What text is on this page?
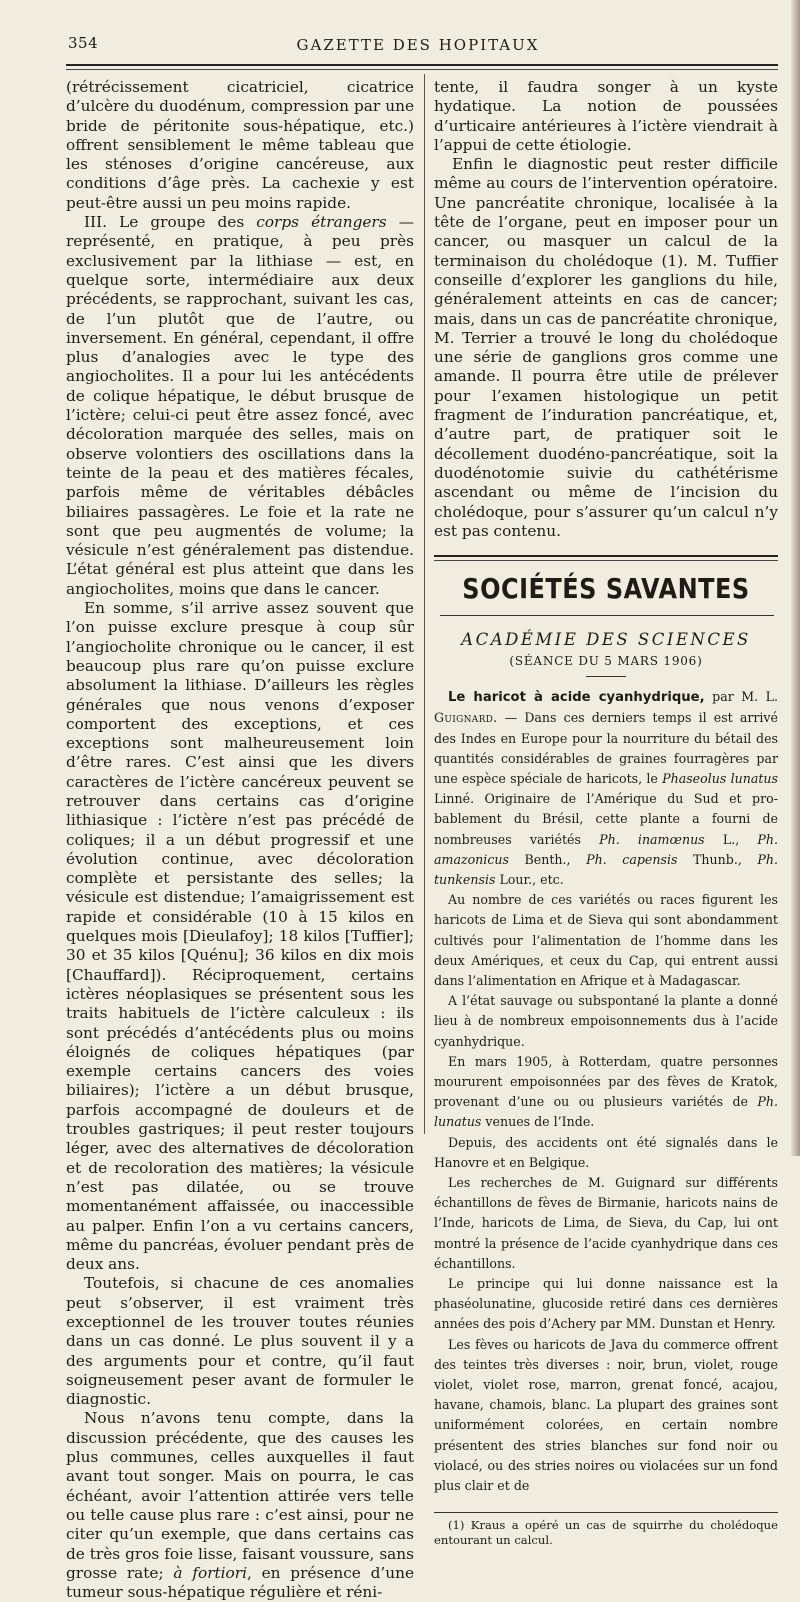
354	GAZETTE DES HOPITAUX

(rétrécissement cicatriciel, cicatrice d’ulcère du duodénum, compression par une bride de péritonite sous-hépatique, etc.) offrent sensiblement le même tableau que les sténoses d’origine cancéreuse, aux conditions d’âge près. La cachexie y est peut-être aussi un peu moins rapide.

III. Le groupe des corps étrangers — représenté, en pratique, à peu près exclusivement par la lithiase — est, en quelque sorte, intermédiaire aux deux précédents, se rapprochant, suivant les cas, de l’un plutôt que de l’autre, ou inversement. En général, cependant, il offre plus d’analogies avec le type des angiocholites. Il a pour lui les antécédents de colique hépatique, le début brusque de l’ictère; celui-ci peut être assez foncé, avec décoloration marquée des selles, mais on observe volontiers des oscillations dans la teinte de la peau et des matières fécales, parfois même de véritables débâcles biliaires passagères. Le foie et la rate ne sont que peu augmentés de volume; la vésicule n’est généralement pas distendue. L’état général est plus atteint que dans les angiocholites, moins que dans le cancer.

En somme, s’il arrive assez souvent que l’on puisse exclure presque à coup sûr l’angiocholite chronique ou le cancer, il est beaucoup plus rare qu’on puisse exclure absolument la lithiase. D’ailleurs les règles générales que nous venons d’exposer comportent des exceptions, et ces exceptions sont malheureusement loin d’être rares. C’est ainsi que les divers caractères de l’ictère cancéreux peuvent se retrouver dans certains cas d’origine lithiasique : l’ictère n’est pas précédé de coliques; il a un début progressif et une évolution continue, avec décoloration complète et persistante des selles; la vésicule est distendue; l’amaigrissement est rapide et considérable (10 à 15 kilos en quelques mois [Dieulafoy]; 18 kilos [Tuffier]; 30 et 35 kilos [Quénu]; 36 kilos en dix mois [Chauffard]). Réciproquement, certains ictères néoplasiques se présentent sous les traits habituels de l’ictère calculeux : ils sont précédés d’antécédents plus ou moins éloignés de coliques hépatiques (par exemple certains cancers des voies biliaires); l’ictère a un début brusque, parfois accompagné de douleurs et de troubles gastriques; il peut rester toujours léger, avec des alternatives de décoloration et de recoloration des matières; la vésicule n’est pas dilatée, ou se trouve momentanément affaissée, ou inaccessible au palper. Enfin l’on a vu certains cancers, même du pancréas, évoluer pendant près de deux ans.

Toutefois, si chacune de ces anomalies peut s’observer, il est vraiment très exceptionnel de les trouver toutes réunies dans un cas donné. Le plus souvent il y a des arguments pour et contre, qu’il faut soigneusement peser avant de formuler le diagnostic.

Nous n’avons tenu compte, dans la discussion précédente, que des causes les plus communes, celles auxquelles il faut avant tout songer. Mais on pourra, le cas échéant, avoir l’attention attirée vers telle ou telle cause plus rare : c’est ainsi, pour ne citer qu’un exemple, que dans certains cas de très gros foie lisse, faisant voussure, sans grosse rate; à fortiori, en présence d’une tumeur sous-hépatique régulière et réni-

tente, il faudra songer à un kyste hydatique. La notion de poussées d’urticaire antérieures à l’ictère viendrait à l’appui de cette étiologie.

Enfin le diagnostic peut rester difficile même au cours de l’intervention opératoire. Une pancréatite chronique, localisée à la tête de l’organe, peut en imposer pour un cancer, ou masquer un calcul de la terminaison du cholédoque (1). M. Tuffier conseille d’explorer les ganglions du hile, généralement atteints en cas de cancer; mais, dans un cas de pancréatite chronique, M. Terrier a trouvé le long du cholédoque une série de ganglions gros comme une amande. Il pourra être utile de prélever pour l’examen histologique un petit fragment de l’induration pancréatique, et, d’autre part, de pratiquer soit le décollement duodéno-pancréatique, soit la duodénotomie suivie du cathétérisme ascendant ou même de l’incision du cholédoque, pour s’assurer qu’un calcul n’y est pas contenu.

SOCIÉTÉS SAVANTES
ACADÉMIE DES SCIENCES
(SÉANCE DU 5 MARS 1906)

Le haricot à acide cyanhydrique, par M. L. Guignard. — Dans ces derniers temps il est arrivé des Indes en Europe pour la nourriture du bétail des quantités considérables de graines fourragères par une espèce spéciale de haricots, le Phaseolus lunatus Linné. Originaire de l’Amérique du Sud et probablement du Brésil, cette plante a fourni de nombreuses variétés Ph. inamœnus L., Ph. amazonicus Benth., Ph. capensis Thunb., Ph. tunkensis Lour., etc.

Au nombre de ces variétés ou races figurent les haricots de Lima et de Sieva qui sont abondamment cultivés pour l’alimentation de l’homme dans les deux Amériques, et ceux du Cap, qui entrent aussi dans l’alimentation en Afrique et à Madagascar.

A l’état sauvage ou subspontané la plante a donné lieu à de nombreux empoisonnements dus à l’acide cyanhydrique.

En mars 1905, à Rotterdam, quatre personnes moururent empoisonnées par des fèves de Kratok, provenant d’une ou ou plusieurs variétés de Ph. lunatus venues de l’Inde.

Depuis, des accidents ont été signalés dans le Hanovre et en Belgique.

Les recherches de M. Guignard sur différents échantillons de fèves de Birmanie, haricots nains de l’Inde, haricots de Lima, de Sieva, du Cap, lui ont montré la présence de l’acide cyanhydrique dans ces échantillons.

Le principe qui lui donne naissance est la phaséolunatine, glucoside retiré dans ces dernières années des pois d’Achery par MM. Dunstan et Henry.

Les fèves ou haricots de Java du commerce offrent des teintes très diverses : noir, brun, violet, rouge violet, violet rose, marron, grenat foncé, acajou, havane, chamois, blanc. La plupart des graines sont uniformément colorées, en certain nombre présentent des stries blanches sur fond noir ou violacé, ou des stries noires ou violacées sur un fond plus clair et de

(1) Kraus a opéré un cas de squirrhe du cholédoque entourant un calcul.
